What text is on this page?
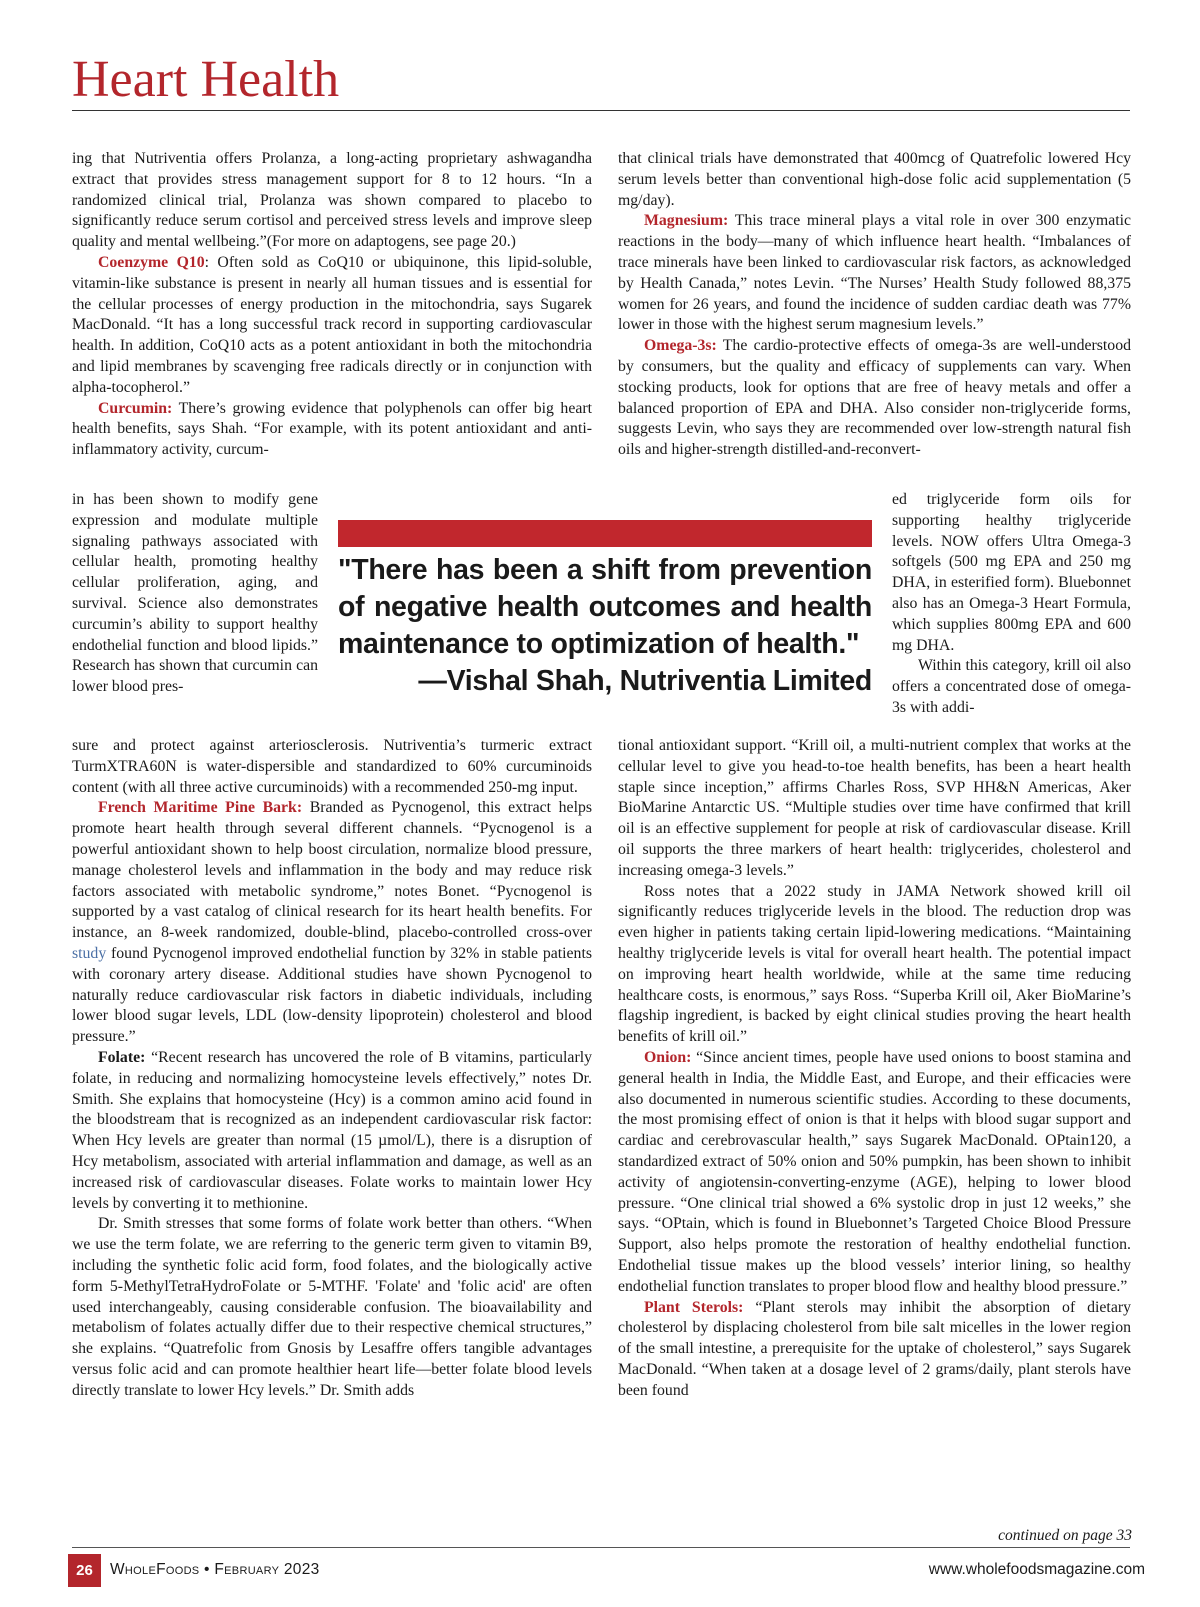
Heart Health

ing that Nutriventia offers Prolanza, a long-acting proprietary ashwagandha extract that provides stress management support for 8 to 12 hours. “In a randomized clinical trial, Prolanza was shown compared to placebo to significantly reduce serum cortisol and perceived stress levels and improve sleep quality and mental wellbeing.”(For more on adaptogens, see page 20.)

Coenzyme Q10: Often sold as CoQ10 or ubiquinone, this lipid-soluble, vitamin-like substance is present in nearly all human tissues and is essential for the cellular processes of energy production in the mitochondria, says Sugarek MacDonald. “It has a long successful track record in supporting cardiovascular health. In addition, CoQ10 acts as a potent antioxidant in both the mitochondria and lipid membranes by scavenging free radicals directly or in conjunction with alpha-tocopherol.”

Curcumin: There’s growing evidence that polyphenols can offer big heart health benefits, says Shah. “For example, with its potent antioxidant and anti-inflammatory activity, curcum-

in has been shown to modify gene expression and modulate multiple signaling pathways associated with cellular health, promoting healthy cellular proliferation, aging, and survival. Science also demonstrates curcumin’s ability to support healthy endothelial function and blood lipids.” Research has shown that curcumin can lower blood pres-

sure and protect against arteriosclerosis. Nutriventia’s turmeric extract TurmXTRA60N is water-dispersible and standardized to 60% curcuminoids content (with all three active curcuminoids) with a recommended 250-mg input.

French Maritime Pine Bark: Branded as Pycnogenol, this extract helps promote heart health through several different channels. “Pycnogenol is a powerful antioxidant shown to help boost circulation, normalize blood pressure, manage cholesterol levels and inflammation in the body and may reduce risk factors associated with metabolic syndrome,” notes Bonet. “Pycnogenol is supported by a vast catalog of clinical research for its heart health benefits. For instance, an 8-week randomized, double-blind, placebo-controlled cross-over study found Pycnogenol improved endothelial function by 32% in stable patients with coronary artery disease. Additional studies have shown Pycnogenol to naturally reduce cardiovascular risk factors in diabetic individuals, including lower blood sugar levels, LDL (low-density lipoprotein) cholesterol and blood pressure.”

Folate: “Recent research has uncovered the role of B vitamins, particularly folate, in reducing and normalizing homocysteine levels effectively,” notes Dr. Smith. She explains that homocysteine (Hcy) is a common amino acid found in the bloodstream that is recognized as an independent cardiovascular risk factor: When Hcy levels are greater than normal (15 µmol/L), there is a disruption of Hcy metabolism, associated with arterial inflammation and damage, as well as an increased risk of cardiovascular diseases. Folate works to maintain lower Hcy levels by converting it to methionine.

Dr. Smith stresses that some forms of folate work better than others. “When we use the term folate, we are referring to the generic term given to vitamin B9, including the synthetic folic acid form, food folates, and the biologically active form 5-MethylTetraHydroFolate or 5-MTHF. 'Folate' and 'folic acid' are often used interchangeably, causing considerable confusion. The bioavailability and metabolism of folates actually differ due to their respective chemical structures,” she explains. “Quatrefolic from Gnosis by Lesaffre offers tangible advantages versus folic acid and can promote healthier heart life—better folate blood levels directly translate to lower Hcy levels.” Dr. Smith adds

that clinical trials have demonstrated that 400mcg of Quatrefolic lowered Hcy serum levels better than conventional high-dose folic acid supplementation (5 mg/day).

Magnesium: This trace mineral plays a vital role in over 300 enzymatic reactions in the body—many of which influence heart health. “Imbalances of trace minerals have been linked to cardiovascular risk factors, as acknowledged by Health Canada,” notes Levin. “The Nurses’ Health Study followed 88,375 women for 26 years, and found the incidence of sudden cardiac death was 77% lower in those with the highest serum magnesium levels.”

Omega-3s: The cardio-protective effects of omega-3s are well-understood by consumers, but the quality and efficacy of supplements can vary. When stocking products, look for options that are free of heavy metals and offer a balanced proportion of EPA and DHA. Also consider non-triglyceride forms, suggests Levin, who says they are recommended over low-strength natural fish oils and higher-strength distilled-and-reconvert-

ed triglyceride form oils for supporting healthy triglyceride levels. NOW offers Ultra Omega-3 softgels (500 mg EPA and 250 mg DHA, in esterified form). Bluebonnet also has an Omega-3 Heart Formula, which supplies 800mg EPA and 600 mg DHA.

Within this category, krill oil also offers a concentrated dose of omega-3s with addi-

tional antioxidant support. “Krill oil, a multi-nutrient complex that works at the cellular level to give you head-to-toe health benefits, has been a heart health staple since inception,” affirms Charles Ross, SVP HH&N Americas, Aker BioMarine Antarctic US. “Multiple studies over time have confirmed that krill oil is an effective supplement for people at risk of cardiovascular disease. Krill oil supports the three markers of heart health: triglycerides, cholesterol and increasing omega-3 levels.”

Ross notes that a 2022 study in JAMA Network showed krill oil significantly reduces triglyceride levels in the blood. The reduction drop was even higher in patients taking certain lipid-lowering medications. “Maintaining healthy triglyceride levels is vital for overall heart health. The potential impact on improving heart health worldwide, while at the same time reducing healthcare costs, is enormous,” says Ross. “Superba Krill oil, Aker BioMarine’s flagship ingredient, is backed by eight clinical studies proving the heart health benefits of krill oil.”

Onion: “Since ancient times, people have used onions to boost stamina and general health in India, the Middle East, and Europe, and their efficacies were also documented in numerous scientific studies. According to these documents, the most promising effect of onion is that it helps with blood sugar support and cardiac and cerebrovascular health,” says Sugarek MacDonald. OPtain120, a standardized extract of 50% onion and 50% pumpkin, has been shown to inhibit activity of angiotensin-converting-enzyme (AGE), helping to lower blood pressure. “One clinical trial showed a 6% systolic drop in just 12 weeks,” she says. “OPtain, which is found in Bluebonnet’s Targeted Choice Blood Pressure Support, also helps promote the restoration of healthy endothelial function. Endothelial tissue makes up the blood vessels’ interior lining, so healthy endothelial function translates to proper blood flow and healthy blood pressure.”

Plant Sterols: “Plant sterols may inhibit the absorption of dietary cholesterol by displacing cholesterol from bile salt micelles in the lower region of the small intestine, a prerequisite for the uptake of cholesterol,” says Sugarek MacDonald. “When taken at a dosage level of 2 grams/daily, plant sterols have been found

"There has been a shift from prevention of negative health outcomes and health maintenance to optimization of health."

—Vishal Shah, Nutriventia Limited

continued on page 33
26	WholeFoods • February 2023	www.wholefoodsmagazine.com
